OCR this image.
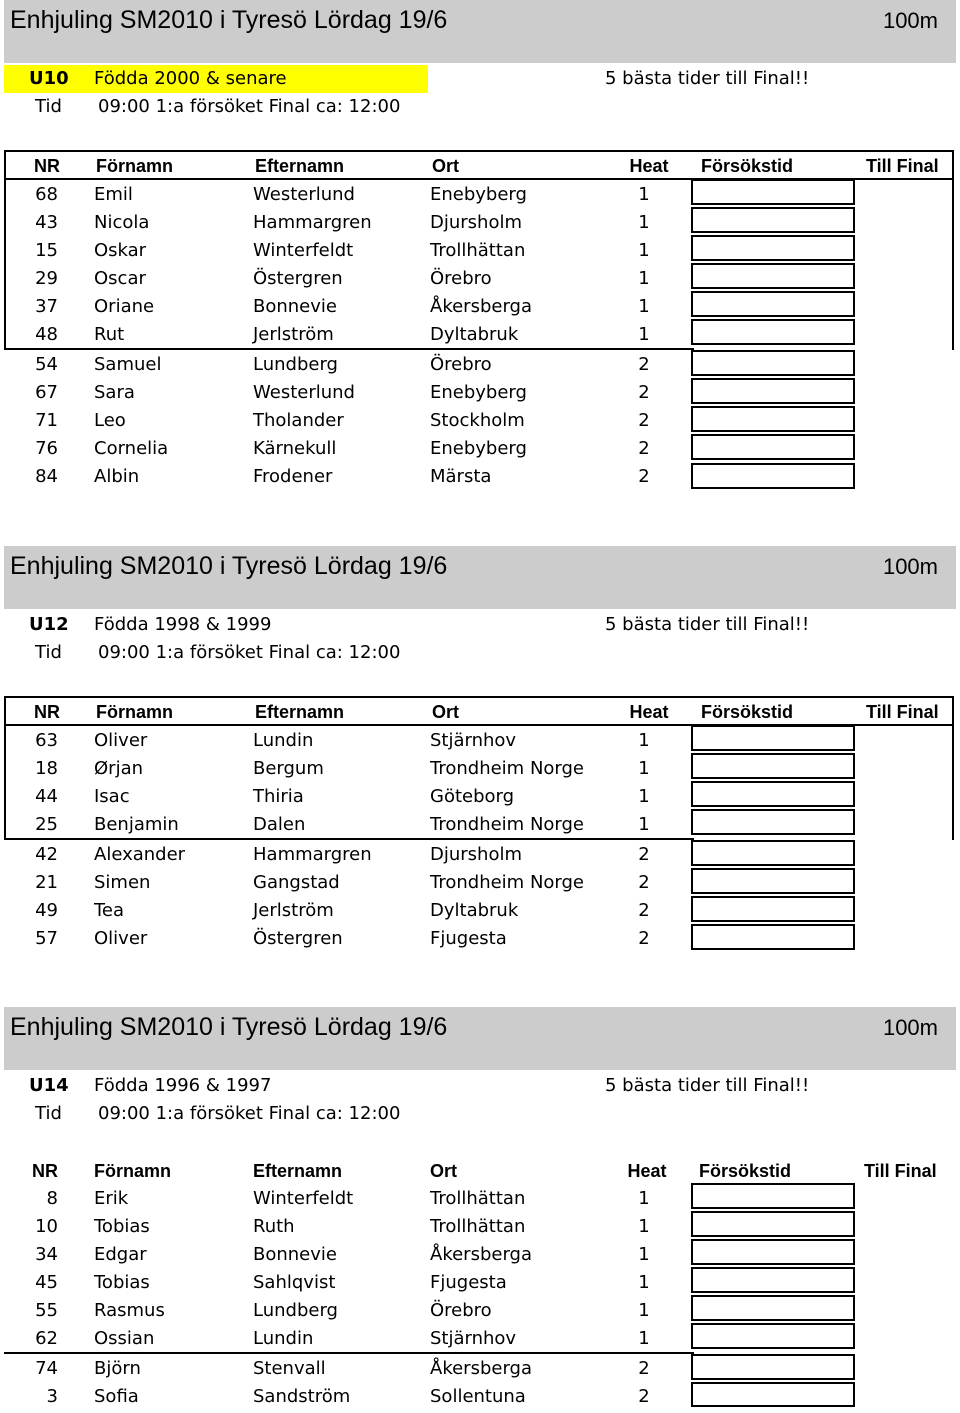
Enhjuling SM2010 i Tyresö Lördag 19/6	100m
U10 Födda 2000 & senare	5 bästa tider till Final!!
Tid 09:00 1:a försöket Final ca: 12:00
NR Förnamn	Efternamn	Ort	Heat	Försökstid	Till Final
68 Emil	Westerlund	Enebyberg	1
43 Nicola	Hammargren	Djursholm	1
15 Oskar	Winterfeldt	Trollhättan	1
29 Oscar	Östergren	Örebro	1
37 Oriane	Bonnevie	Åkersberga	1
48 Rut	Jerlström	Dyltabruk	1
54 Samuel	Lundberg	Örebro	2
67 Sara	Westerlund	Enebyberg	2
71 Leo	Tholander	Stockholm	2
76 Cornelia	Kärnekull	Enebyberg	2
84 Albin	Frodener	Märsta	2
Enhjuling SM2010 i Tyresö Lördag 19/6	100m
U12 Födda 1998 & 1999	5 bästa tider till Final!!
Tid 09:00 1:a försöket Final ca: 12:00
NR Förnamn	Efternamn	Ort	Heat	Försökstid	Till Final
63 Oliver	Lundin	Stjärnhov	1
18 Ørjan	Bergum	Trondheim Norge	1
44 Isac	Thiria	Göteborg	1
25 Benjamin	Dalen	Trondheim Norge	1
42 Alexander	Hammargren	Djursholm	2
21 Simen	Gangstad	Trondheim Norge	2
49 Tea	Jerlström	Dyltabruk	2
57 Oliver	Östergren	Fjugesta	2
Enhjuling SM2010 i Tyresö Lördag 19/6	100m
U14 Födda 1996 & 1997	5 bästa tider till Final!!
Tid 09:00 1:a försöket Final ca: 12:00
NR Förnamn	Efternamn	Ort	Heat	Försökstid	Till Final
8 Erik	Winterfeldt	Trollhättan	1
10 Tobias	Ruth	Trollhättan	1
34 Edgar	Bonnevie	Åkersberga	1
45 Tobias	Sahlqvist	Fjugesta	1
55 Rasmus	Lundberg	Örebro	1
62 Ossian	Lundin	Stjärnhov	1
74 Björn	Stenvall	Åkersberga	2
3 Sofia	Sandström	Sollentuna	2
